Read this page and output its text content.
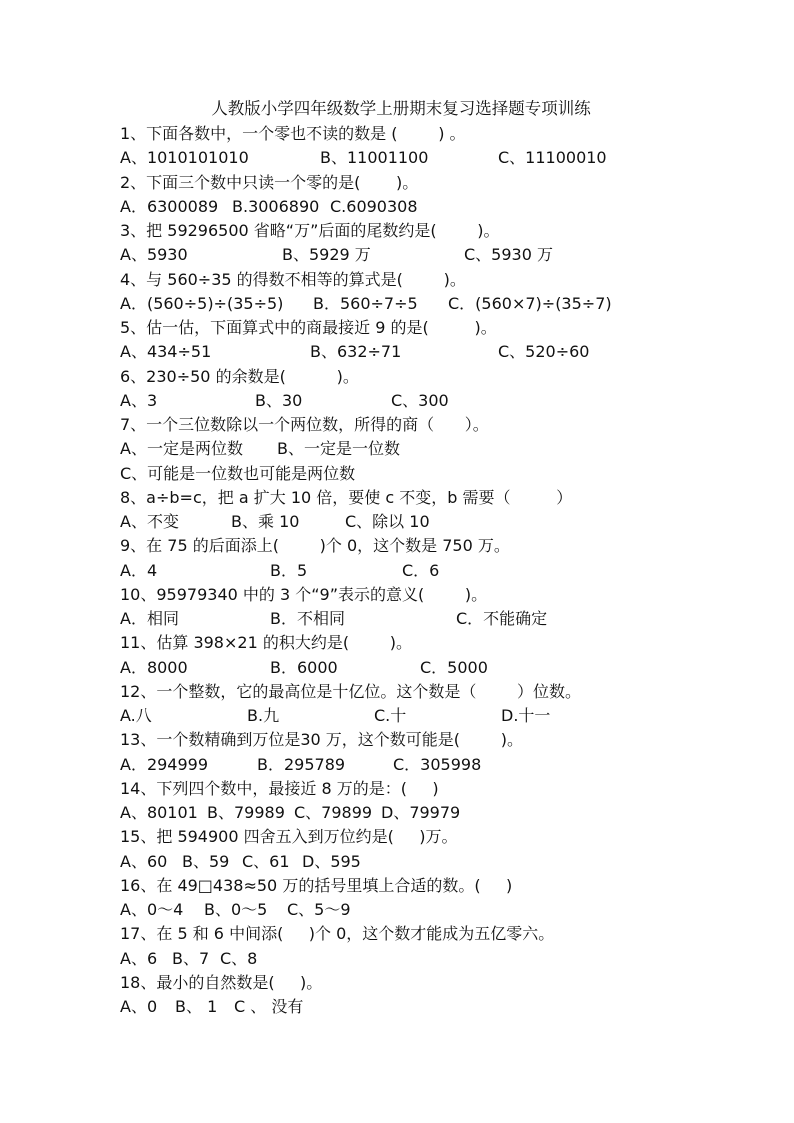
人教版小学四年级数学上册期末复习选择题专项训练
1、下面各数中，一个零也不读的数是 (        ) 。
A、1010101010	B、11001100	C、11100010
2、下面三个数中只读一个零的是(       )。
A．6300089 B.3006890 C.6090308
3、把 59296500 省略“万”后面的尾数约是(        )。
A、5930	B、5929 万	C、5930 万
4、与 560÷35 的得数不相等的算式是(        )。
A．(560÷5)÷(35÷5) B．560÷7÷5 C．(560×7)÷(35÷7)
5、估一估，下面算式中的商最接近 9 的是(         )。
A、434÷51	B、632÷71	C、520÷60
6、230÷50 的余数是(          )。
A、3	B、30	C、300
7、一个三位数除以一个两位数，所得的商（      ）。
A、一定是两位数 B、一定是一位数
C、可能是一位数也可能是两位数
8、a÷b=c，把 a 扩大 10 倍，要使 c 不变，b 需要（         ）
A、不变	B、乘 10	C、除以 10
9、在 75 的后面添上(        )个 0，这个数是 750 万。
A．4	B．5	C．6
10、95979340 中的 3 个“9”表示的意义(        )。
A．相同	B．不相同	C．不能确定
11、估算 398×21 的积大约是(        )。
A．8000	B．6000	C．5000
12、一个整数，它的最高位是十亿位。这个数是（        ）位数。
A.八	B.九	C.十	D.十一
13、一个数精确到万位是30 万，这个数可能是(        )。
A．294999	B．295789	C．305998
14、下列四个数中，最接近 8 万的是：(     )
A、80101 B、79989 C、79899 D、79979
15、把 594900 四舍五入到万位约是(     )万。
A、60 B、59 C、61 D、595
16、在 49□438≈50 万的括号里填上合适的数。(     )
A、0～4 B、0～5 C、5～9
17、在 5 和 6 中间添(     )个 0，这个数才能成为五亿零六。
A、6 B、7 C、8
18、最小的自然数是(     )。
A、0 B、 1 C 、 没有
